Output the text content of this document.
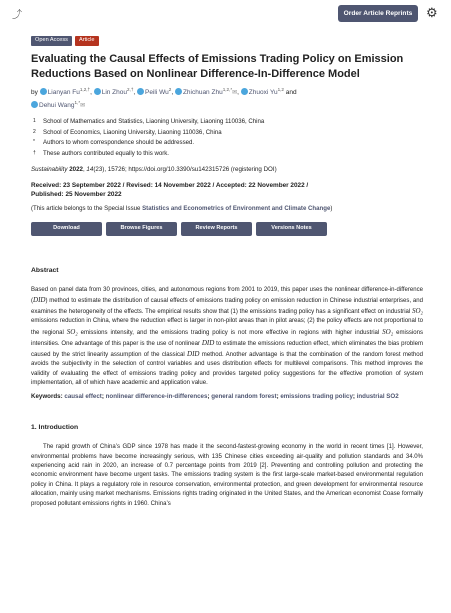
⤴	Order Article Reprints	⚙
Open Access	Article
Evaluating the Causal Effects of Emissions Trading Policy on Emission Reductions Based on Nonlinear Difference-In-Difference Model
by Lianyan $Fu^{1,2,\dagger}$, Lin Zhou$^{2,\dagger}$, Peili Wu$^2$, Zhichuan Zhu$^{1,2,*}$✉, Zhuoxi Yu$^{1,2}$ and
Dehui Wang$^{1,*}$✉
1 School of Mathematics and Statistics, Liaoning University, Liaoning 110036, China
2 School of Economics, Liaoning University, Liaoning 110036, China
* Authors to whom correspondence should be addressed.
† These authors contributed equally to this work.
Sustainability 2022, 14(23), 15726; https://doi.org/10.3390/su142315726 (registering DOI)
Received: 23 September 2022 / Revised: 14 November 2022 / Accepted: 22 November 2022 /
Published: 25 November 2022
(This article belongs to the Special Issue Statistics and Econometrics of Environment and Climate Change)
Download	Browse Figures	Review Reports	Versions Notes
Abstract
Based on panel data from 30 provinces, cities, and autonomous regions from 2001 to 2019, this paper uses the nonlinear difference-in-difference (DID) method to estimate the distribution of causal effects of emissions trading policy on emission reduction in Chinese industrial enterprises, and examines the heterogeneity of the effects. The empirical results show that (1) the emissions trading policy has a significant effect on industrial SO₂ emissions reduction in China, where the reduction effect is larger in non-pilot areas than in pilot areas; (2) the policy effects are not proportional to the regional SO₂ emissions intensity, and the emissions trading policy is not more effective in regions with higher industrial SO₂ emissions intensities. One advantage of this paper is the use of nonlinear DID to estimate the emissions reduction effect, which eliminates the bias problem caused by the strict linearity assumption of the classical DID method. Another advantage is that the combination of the random forest method avoids the subjectivity in the selection of control variables and uses distribution effects for multilevel comparisons. This method improves the validity of evaluating the effect of emissions trading policy and provides targeted policy suggestions for the effective promotion of system implementation, all of which have academic and application value.
Keywords: causal effect; nonlinear difference-in-differences; general random forest; emissions trading policy; industrial SO2
1. Introduction

The rapid growth of China’s GDP since 1978 has made it the second-fastest-growing economy in the world in recent times [1]. However, environmental problems have become increasingly serious, with 135 Chinese cities exceeding air-quality and pollution standards and 34.0% experiencing acid rain in 2020, an increase of 0.7 percentage points from 2019 [2]. Preventing and controlling pollution and protecting the economic environment have become urgent tasks. The emissions trading system is the first large-scale market-based environmental regulation policy in China. It plays a regulatory role in resource conservation, environmental protection, and green development for environmental resource allocation, mainly using market mechanisms. Emissions rights trading originated in the United States, and the American economist Coase formally proposed pollutant emissions rights in 1960. China’s
